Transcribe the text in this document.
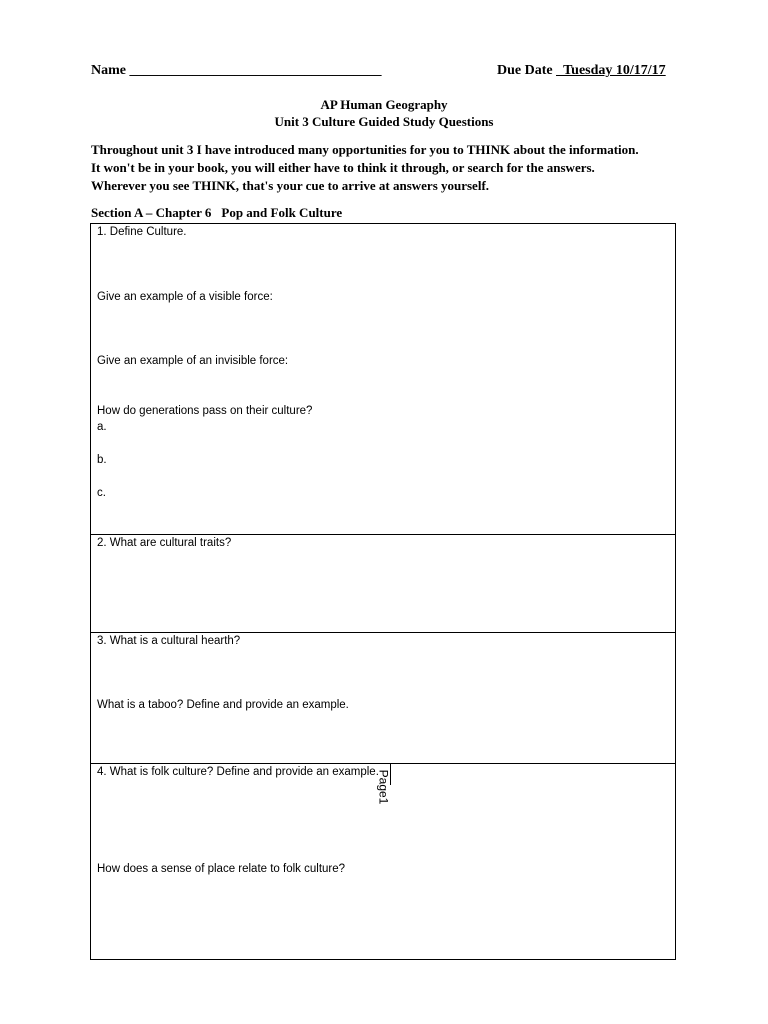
Name ____________________________________	Due Date _Tuesday 10/17/17
AP Human Geography
Unit 3 Culture Guided Study Questions
Throughout unit 3 I have introduced many opportunities for you to THINK about the information.
It won't be in your book, you will either have to think it through, or search for the answers.
Wherever you see THINK, that's your cue to arrive at answers yourself.
Section A – Chapter 6 Pop and Folk Culture
1. Define Culture.
Give an example of a visible force:
Give an example of an invisible force:
How do generations pass on their culture?
a.
b.
c.
2. What are cultural traits?
3. What is a cultural hearth?
What is a taboo? Define and provide an example.
4. What is folk culture? Define and provide an example.
How does a sense of place relate to folk culture?
Page1
